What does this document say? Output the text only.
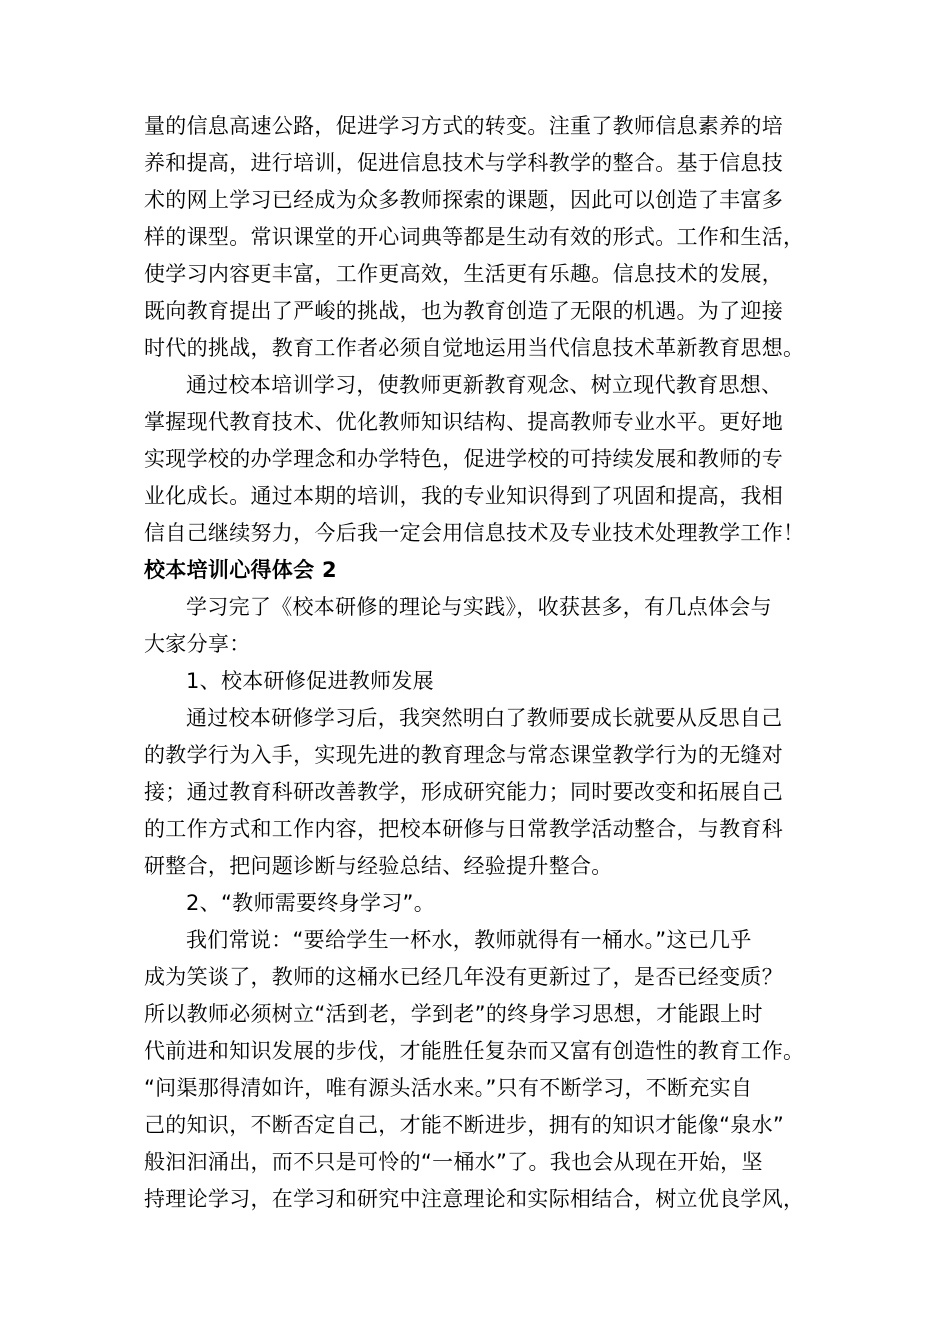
量的信息高速公路，促进学习方式的转变。注重了教师信息素养的培
养和提高，进行培训，促进信息技术与学科教学的整合。基于信息技
术的网上学习已经成为众多教师探索的课题，因此可以创造了丰富多
样的课型。常识课堂的开心词典等都是生动有效的形式。工作和生活，
使学习内容更丰富，工作更高效，生活更有乐趣。信息技术的发展，
既向教育提出了严峻的挑战，也为教育创造了无限的机遇。为了迎接
时代的挑战，教育工作者必须自觉地运用当代信息技术革新教育思想。
通过校本培训学习，使教师更新教育观念、树立现代教育思想、
掌握现代教育技术、优化教师知识结构、提高教师专业水平。更好地
实现学校的办学理念和办学特色，促进学校的可持续发展和教师的专
业化成长。通过本期的培训，我的专业知识得到了巩固和提高，我相
信自己继续努力，今后我一定会用信息技术及专业技术处理教学工作！
校本培训心得体会 2
学习完了《校本研修的理论与实践》，收获甚多，有几点体会与
大家分享：
1、校本研修促进教师发展
通过校本研修学习后，我突然明白了教师要成长就要从反思自己
的教学行为入手，实现先进的教育理念与常态课堂教学行为的无缝对
接；通过教育科研改善教学，形成研究能力；同时要改变和拓展自己
的工作方式和工作内容，把校本研修与日常教学活动整合，与教育科
研整合，把问题诊断与经验总结、经验提升整合。
2、“教师需要终身学习”。
我们常说：“要给学生一杯水，教师就得有一桶水。”这已几乎
成为笑谈了，教师的这桶水已经几年没有更新过了，是否已经变质？
所以教师必须树立“活到老，学到老”的终身学习思想，才能跟上时
代前进和知识发展的步伐，才能胜任复杂而又富有创造性的教育工作。
“问渠那得清如许，唯有源头活水来。”只有不断学习，不断充实自
己的知识，不断否定自己，才能不断进步，拥有的知识才能像“泉水”
般汩汩涌出，而不只是可怜的“一桶水”了。我也会从现在开始，坚
持理论学习，在学习和研究中注意理论和实际相结合，树立优良学风，
